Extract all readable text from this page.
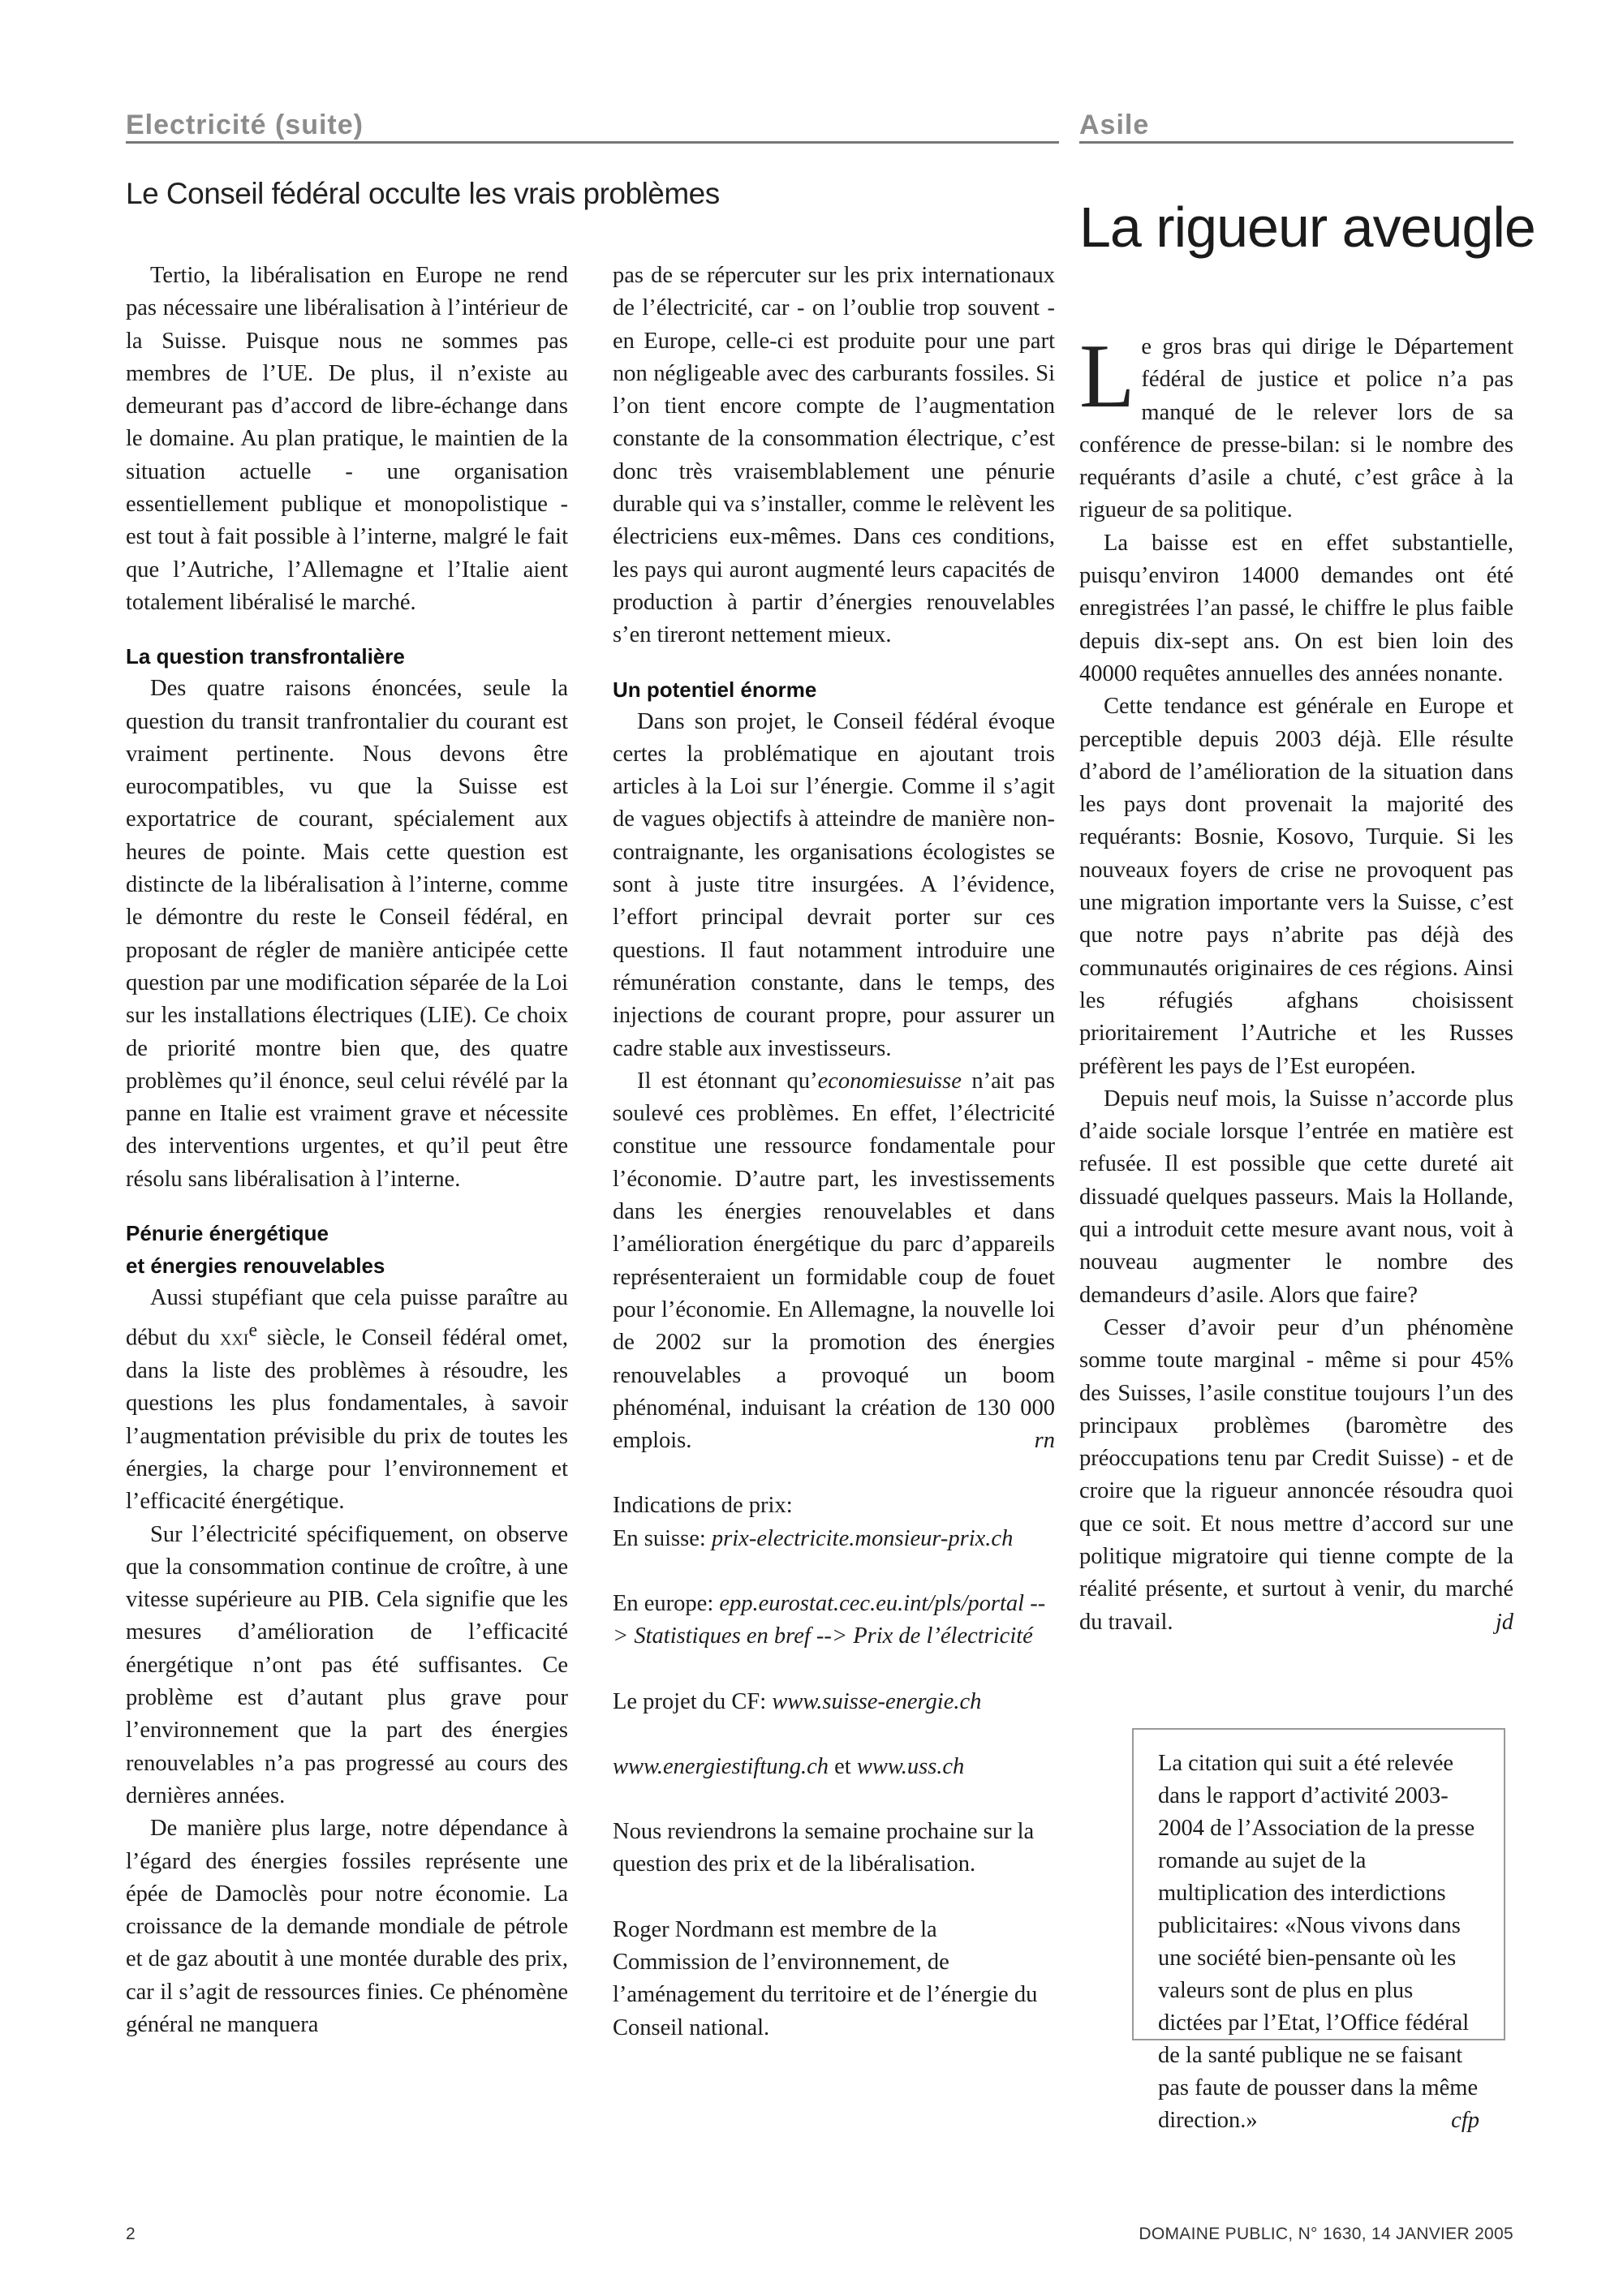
Electricité (suite)	Asile
Le Conseil fédéral occulte les vrais problèmes
La rigueur aveugle

Tertio, la libéralisation en Europe ne rend pas nécessaire une libéralisation à l’intérieur de la Suisse. Puisque nous ne sommes pas membres de l’UE. De plus, il n’existe au demeurant pas d’accord de libre-échange dans le domaine. Au plan pratique, le maintien de la situation actuelle - une organisation essentiellement publique et monopolistique - est tout à fait possible à l’interne, malgré le fait que l’Autriche, l’Allemagne et l’Italie aient totalement libéralisé le marché.

La question transfrontalière

Des quatre raisons énoncées, seule la question du transit tranfrontalier du courant est vraiment pertinente. Nous devons être eurocompatibles, vu que la Suisse est exportatrice de courant, spécialement aux heures de pointe. Mais cette question est distincte de la libéralisation à l’interne, comme le démontre du reste le Conseil fédéral, en proposant de régler de manière anticipée cette question par une modification séparée de la Loi sur les installations électriques (LIE). Ce choix de priorité montre bien que, des quatre problèmes qu’il énonce, seul celui révélé par la panne en Italie est vraiment grave et nécessite des interventions urgentes, et qu’il peut être résolu sans libéralisation à l’interne.

Pénurie énergétique
et énergies renouvelables

Aussi stupéfiant que cela puisse paraître au début du xxi$^e$ siècle, le Conseil fédéral omet, dans la liste des problèmes à résoudre, les questions les plus fondamentales, à savoir l’augmentation prévisible du prix de toutes les énergies, la charge pour l’environnement et l’efficacité énergétique.

Sur l’électricité spécifiquement, on observe que la consommation continue de croître, à une vitesse supérieure au PIB. Cela signifie que les mesures d’amélioration de l’efficacité énergétique n’ont pas été suffisantes. Ce problème est d’autant plus grave pour l’environnement que la part des énergies renouvelables n’a pas progressé au cours des dernières années.

De manière plus large, notre dépendance à l’égard des énergies fossiles représente une épée de Damoclès pour notre économie. La croissance de la demande mondiale de pétrole et de gaz aboutit à une montée durable des prix, car il s’agit de ressources finies. Ce phénomène général ne manquera

pas de se répercuter sur les prix internationaux de l’électricité, car - on l’oublie trop souvent - en Europe, celle-ci est produite pour une part non négligeable avec des carburants fossiles. Si l’on tient encore compte de l’augmentation constante de la consommation électrique, c’est donc très vraisemblablement une pénurie durable qui va s’installer, comme le relèvent les électriciens eux-mêmes. Dans ces conditions, les pays qui auront augmenté leurs capacités de production à partir d’énergies renouvelables s’en tireront nettement mieux.

Un potentiel énorme

Dans son projet, le Conseil fédéral évoque certes la problématique en ajoutant trois articles à la Loi sur l’énergie. Comme il s’agit de vagues objectifs à atteindre de manière non-contraignante, les organisations écologistes se sont à juste titre insurgées. A l’évidence, l’effort principal devrait porter sur ces questions. Il faut notamment introduire une rémunération constante, dans le temps, des injections de courant propre, pour assurer un cadre stable aux investisseurs.

Il est étonnant qu’economiesuisse n’ait pas soulevé ces problèmes. En effet, l’électricité constitue une ressource fondamentale pour l’économie. D’autre part, les investissements dans les énergies renouvelables et dans l’amélioration énergétique du parc d’appareils représenteraient un formidable coup de fouet pour l’économie. En Allemagne, la nouvelle loi de 2002 sur la promotion des énergies renouvelables a provoqué un boom phénoménal, induisant la création de 130 000 emplois.	rn

Indications de prix:
En suisse: prix-electricite.monsieur-prix.ch

En europe: epp.eurostat.cec.eu.int/pls/portal --> Statistiques en bref --> Prix de l’électricité

Le projet du CF: www.suisse-energie.ch

www.energiestiftung.ch et www.uss.ch

Nous reviendrons la semaine prochaine sur la question des prix et de la libéralisation.

Roger Nordmann est membre de la Commission de l’environnement, de l’aménagement du territoire et de l’énergie du Conseil national.

Le gros bras qui dirige le Département fédéral de justice et police n’a pas manqué de le relever lors de sa conférence de presse-bilan: si le nombre des requérants d’asile a chuté, c’est grâce à la rigueur de sa politique.

La baisse est en effet substantielle, puisqu’environ 14000 demandes ont été enregistrées l’an passé, le chiffre le plus faible depuis dix-sept ans. On est bien loin des 40000 requêtes annuelles des années nonante.

Cette tendance est générale en Europe et perceptible depuis 2003 déjà. Elle résulte d’abord de l’amélioration de la situation dans les pays dont provenait la majorité des requérants: Bosnie, Kosovo, Turquie. Si les nouveaux foyers de crise ne provoquent pas une migration importante vers la Suisse, c’est que notre pays n’abrite pas déjà des communautés originaires de ces régions. Ainsi les réfugiés afghans choisissent prioritairement l’Autriche et les Russes préfèrent les pays de l’Est européen.

Depuis neuf mois, la Suisse n’accorde plus d’aide sociale lorsque l’entrée en matière est refusée. Il est possible que cette dureté ait dissuadé quelques passeurs. Mais la Hollande, qui a introduit cette mesure avant nous, voit à nouveau augmenter le nombre des demandeurs d’asile. Alors que faire?

Cesser d’avoir peur d’un phénomène somme toute marginal - même si pour 45% des Suisses, l’asile constitue toujours l’un des principaux problèmes (baromètre des préoccupations tenu par Credit Suisse) - et de croire que la rigueur annoncée résoudra quoi que ce soit. Et nous mettre d’accord sur une politique migratoire qui tienne compte de la réalité présente, et surtout à venir, du marché du travail.	jd

La citation qui suit a été relevée dans le rapport d’activité 2003-2004 de l’Association de la presse romande au sujet de la multiplication des interdictions publicitaires: «Nous vivons dans une société bien-pensante où les valeurs sont de plus en plus dictées par l’Etat, l’Office fédéral de la santé publique ne se faisant pas faute de pousser dans la même direction.»	cfp
2	DOMAINE PUBLIC, N° 1630, 14 JANVIER 2005
